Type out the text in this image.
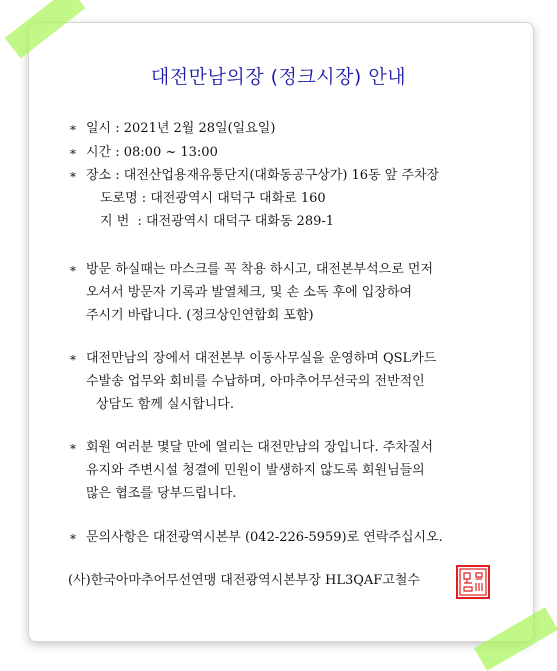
대전만남의장 (정크시장) 안내
* 일시 : 2021년 2월 28일(일요일)
* 시간 : 08:00 ~ 13:00
* 장소 : 대전산업용재유통단지(대화동공구상가) 16동 앞 주차장
도로명 : 대전광역시 대덕구 대화로 160
지 번  : 대전광역시 대덕구 대화동 289-1
* 방문 하실때는 마스크를 꼭 착용 하시고, 대전본부석으로 먼저
오셔서 방문자 기록과 발열체크, 및 손 소독 후에 입장하여
주시기 바랍니다. (정크상인연합회 포함)
* 대전만남의 장에서 대전본부 이동사무실을 운영하며 QSL카드
수발송 업무와 회비를 수납하며, 아마추어무선국의 전반적인
상담도 함께 실시합니다.
* 회원 여러분 몇달 만에 열리는 대전만남의 장입니다. 주차질서
유지와 주변시설 청결에 민원이 발생하지 않도록 회원님들의
많은 협조를 당부드립니다.
* 문의사항은 대전광역시본부 (042-226-5959)로 연락주십시오.
(사)한국아마추어무선연맹 대전광역시본부장 HL3QAF고철수
